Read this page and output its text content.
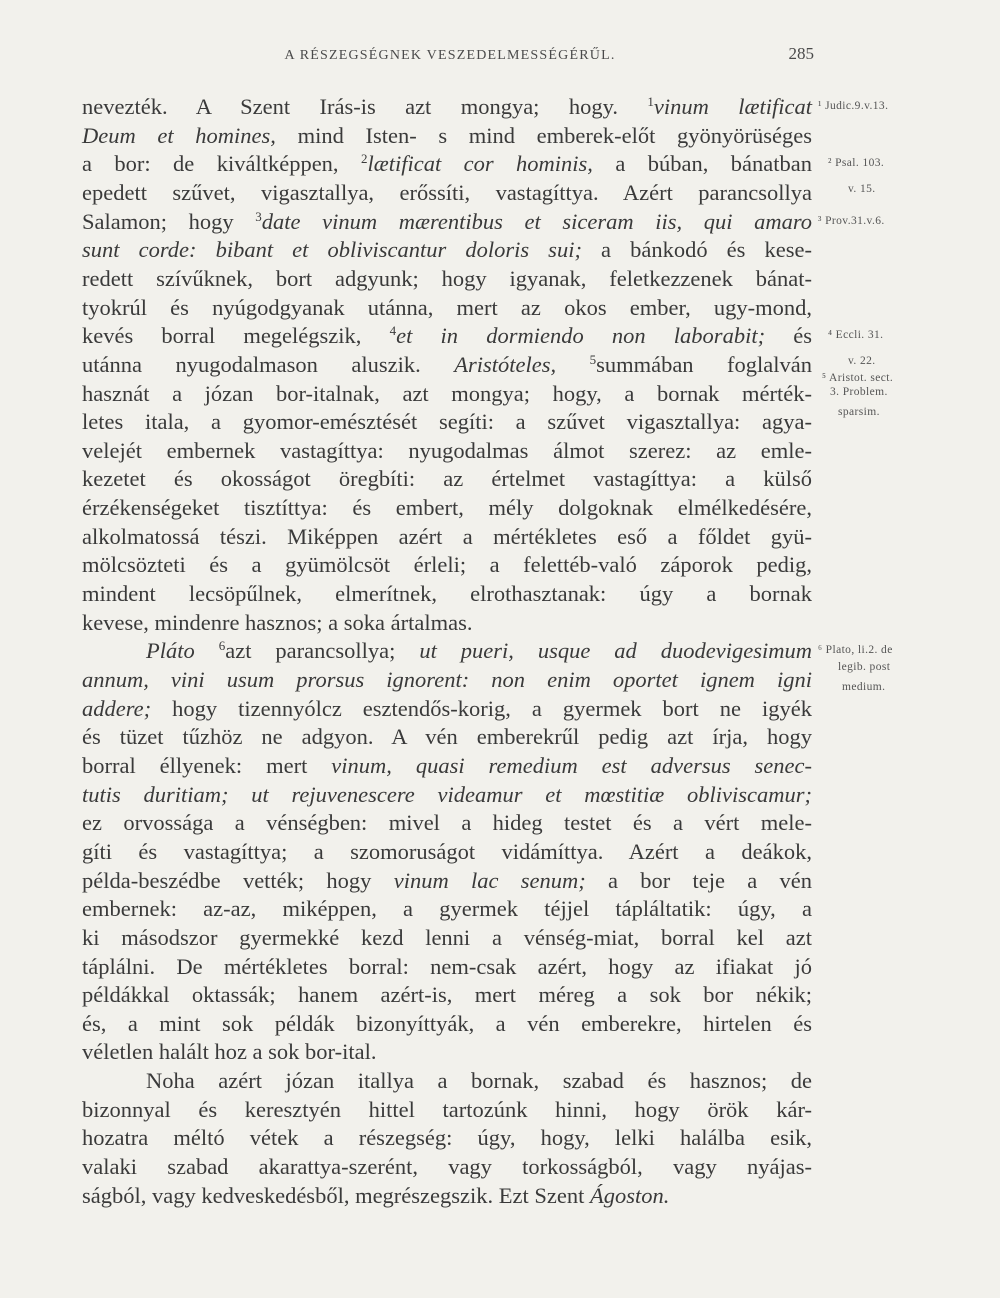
A RÉSZEGSÉGNEK VESZEDELMESSÉGÉRŰL.	285
nevezték. A Szent Irás-is azt mongya; hogy. $^1$vinum lætificat
Deum et homines, mind Isten- s mind emberek-előt gyönyörüséges
a bor: de kiváltképpen, $^2$lætificat cor hominis, a búban, bánatban
epedett szűvet, vigasztallya, erőssíti, vastagíttya. Azért parancsollya
Salamon; hogy $^3$date vinum mærentibus et siceram iis, qui amaro
sunt corde: bibant et obliviscantur doloris sui; a bánkodó és kese-
redett szívűknek, bort adgyunk; hogy igyanak, feletkezzenek bánat-
tyokrúl és nyúgodgyanak utánna, mert az okos ember, ugy-mond,
kevés borral megelégszik, $^4$et in dormiendo non laborabit; és
utánna nyugodalmason aluszik. Aristóteles,	$^5$summában foglalván
hasznát a józan bor-italnak, azt mongya; hogy, a bornak mérték-
letes itala, a gyomor-emésztését segíti: a szűvet vigasztallya: agya-
velejét embernek vastagíttya: nyugodalmas álmot szerez: az emle-
kezetet és okosságot öregbíti: az értelmet vastagíttya: a külső
érzékenségeket tisztíttya: és embert, mély dolgoknak elmélkedésére,
alkolmatossá tészi. Miképpen azért a mértékletes eső a főldet gyü-
mölcsözteti és a gyümölcsöt érleli; a felettéb-való záporok pedig,
mindent lecsöpűlnek, elmerítnek, elrothasztanak: úgy a bornak
kevese, mindenre hasznos; a soka ártalmas.
Pláto $^6$azt parancsollya; ut pueri, usque ad duodevigesimum
annum, vini usum prorsus ignorent: non enim oportet ignem igni
addere; hogy tizennyólcz esztendős-korig, a gyermek bort ne igyék
és tüzet tűzhöz ne adgyon. A vén emberekrűl pedig azt írja, hogy
borral éllyenek: mert vinum, quasi remedium est adversus senec-
tutis duritiam; ut rejuvenescere videamur et mœstitiæ obliviscamur;
ez orvossága a vénségben: mivel a hideg testet és a vért mele-
gíti és vastagíttya; a szomoruságot vidámíttya. Azért a deákok,
példa-beszédbe vették; hogy vinum lac senum; a bor teje a vén
embernek: az-az, miképpen, a gyermek téjjel tápláltatik: úgy, a
ki másodszor gyermekké kezd lenni a vénség-miat, borral kel azt
táplálni. De mértékletes borral: nem-csak azért, hogy az ifiakat jó
példákkal oktassák; hanem azért-is, mert méreg a sok bor nékik;
és, a mint sok példák bizonyíttyák, a vén emberekre, hirtelen és
véletlen halált hoz a sok bor-ital.
Noha azért józan itallya a bornak, szabad és hasznos; de
bizonnyal és keresztyén hittel tartozúnk hinni, hogy örök kár-
hozatra méltó vétek a részegség: úgy, hogy, lelki halálba esik,
valaki szabad akarattya-szerént, vagy torkosságból, vagy nyájas-
ságból, vagy kedveskedésből, megrészegszik. Ezt Szent Ágoston.
¹ Judic.9.v.13.
² Psal. 103.
v. 15.
³ Prov.31.v.6.
⁴ Eccli. 31.
v. 22.
⁵ Aristot. sect.
3. Problem.
sparsim.
⁶ Plato, li.2. de
legib. post
medium.
